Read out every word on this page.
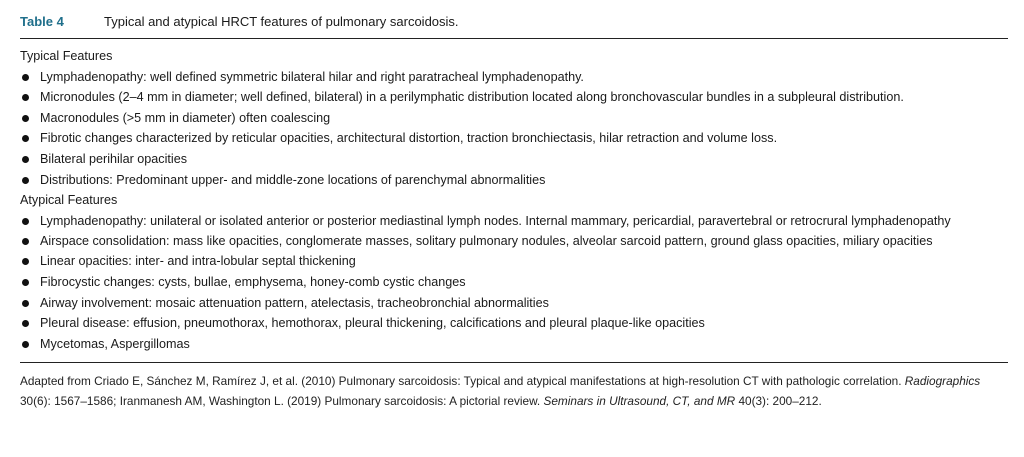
Table 4	Typical and atypical HRCT features of pulmonary sarcoidosis.
Typical Features
Lymphadenopathy: well defined symmetric bilateral hilar and right paratracheal lymphadenopathy.
Micronodules (2–4 mm in diameter; well defined, bilateral) in a perilymphatic distribution located along bronchovascular bundles in a subpleural distribution.
Macronodules (>5 mm in diameter) often coalescing
Fibrotic changes characterized by reticular opacities, architectural distortion, traction bronchiectasis, hilar retraction and volume loss.
Bilateral perihilar opacities
Distributions: Predominant upper- and middle-zone locations of parenchymal abnormalities
Atypical Features
Lymphadenopathy: unilateral or isolated anterior or posterior mediastinal lymph nodes. Internal mammary, pericardial, paravertebral or retrocrural lymphadenopathy
Airspace consolidation: mass like opacities, conglomerate masses, solitary pulmonary nodules, alveolar sarcoid pattern, ground glass opacities, miliary opacities
Linear opacities: inter- and intra-lobular septal thickening
Fibrocystic changes: cysts, bullae, emphysema, honey-comb cystic changes
Airway involvement: mosaic attenuation pattern, atelectasis, tracheobronchial abnormalities
Pleural disease: effusion, pneumothorax, hemothorax, pleural thickening, calcifications and pleural plaque-like opacities
Mycetomas, Aspergillomas
Adapted from Criado E, Sánchez M, Ramírez J, et al. (2010) Pulmonary sarcoidosis: Typical and atypical manifestations at high-resolution CT with pathologic correlation. Radiographics 30(6): 1567–1586; Iranmanesh AM, Washington L. (2019) Pulmonary sarcoidosis: A pictorial review. Seminars in Ultrasound, CT, and MR 40(3): 200–212.
